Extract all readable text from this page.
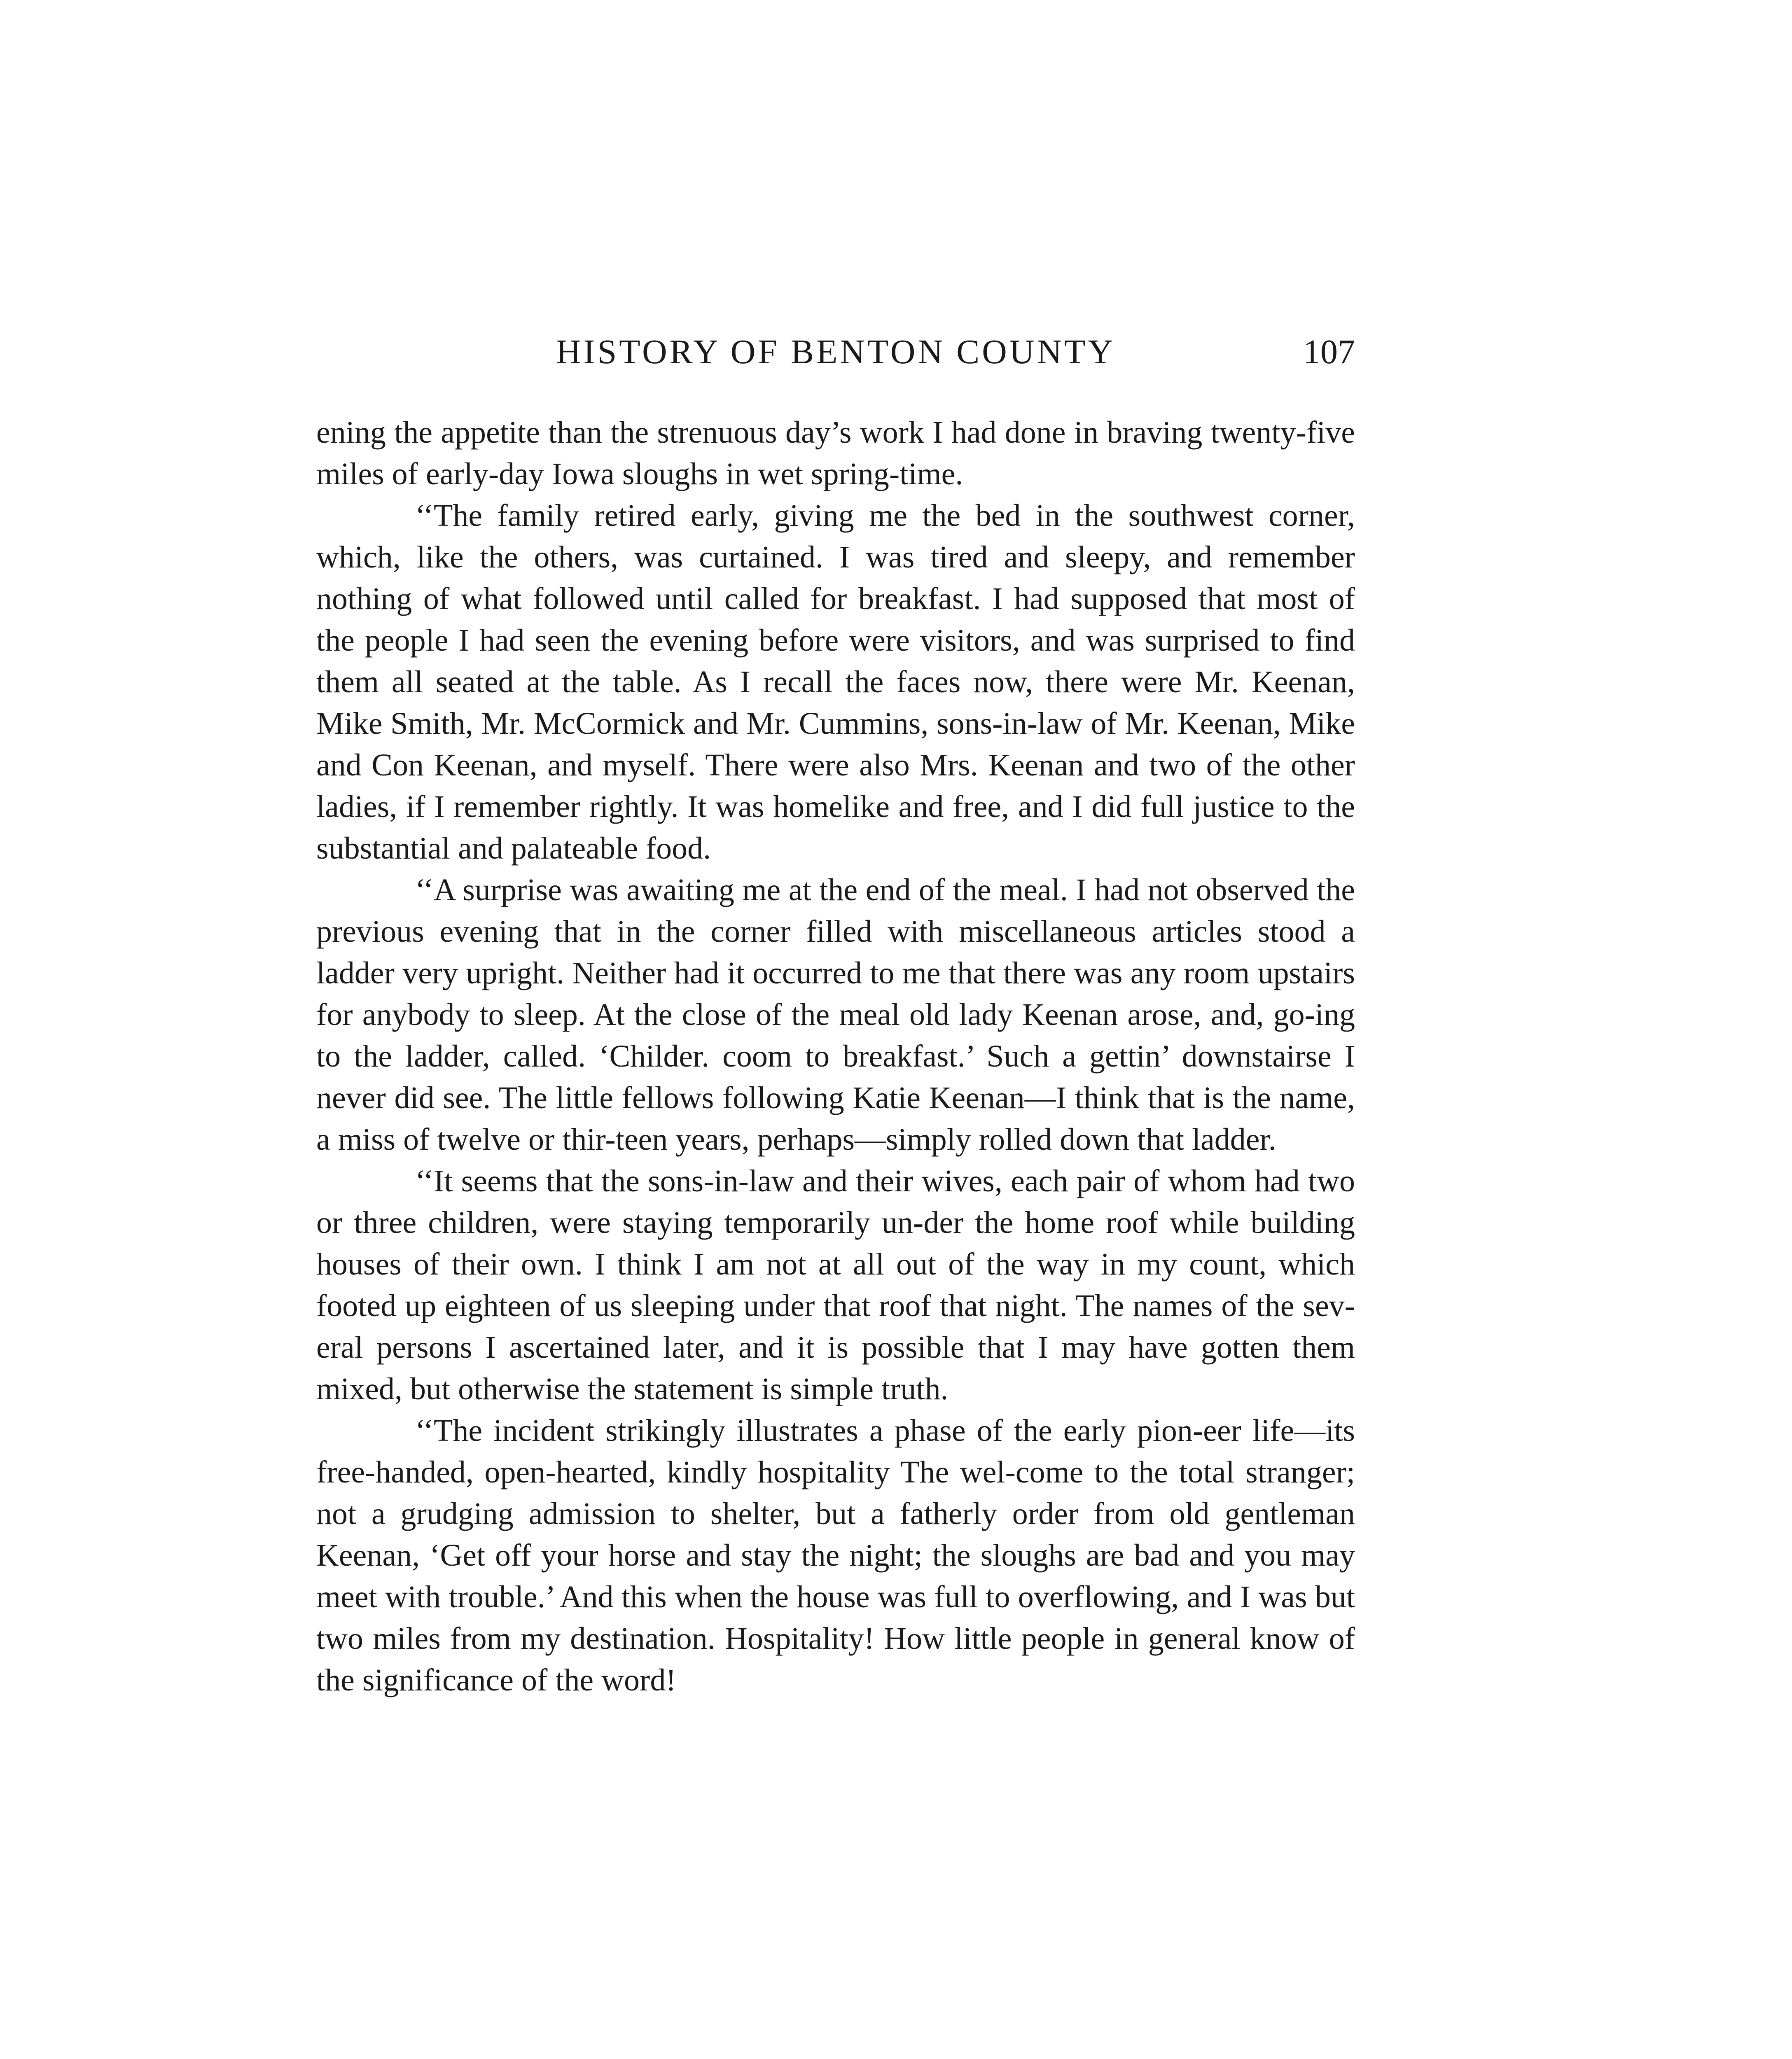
HISTORY OF BENTON COUNTY	107

ening the appetite than the strenuous day’s work I had done in braving twenty-five miles of early-day Iowa sloughs in wet spring-time.

‘‘The family retired early, giving me the bed in the southwest corner, which, like the others, was curtained. I was tired and sleepy, and remember nothing of what followed until called for breakfast. I had supposed that most of the people I had seen the evening before were visitors, and was surprised to find them all seated at the table. As I recall the faces now, there were Mr. Keenan, Mike Smith, Mr. McCormick and Mr. Cummins, sons-in-law of Mr. Keenan, Mike and Con Keenan, and myself. There were also Mrs. Keenan and two of the other ladies, if I remember rightly. It was homelike and free, and I did full justice to the substantial and palateable food.

‘‘A surprise was awaiting me at the end of the meal. I had not observed the previous evening that in the corner filled with miscellaneous articles stood a ladder very upright. Neither had it occurred to me that there was any room upstairs for anybody to sleep. At the close of the meal old lady Keenan arose, and, go-ing to the ladder, called. ‘Childer. coom to breakfast.’ Such a gettin’ downstairse I never did see. The little fellows following Katie Keenan—I think that is the name, a miss of twelve or thir-teen years, perhaps—simply rolled down that ladder.

‘‘It seems that the sons-in-law and their wives, each pair of whom had two or three children, were staying temporarily un-der the home roof while building houses of their own. I think I am not at all out of the way in my count, which footed up eighteen of us sleeping under that roof that night. The names of the sev-eral persons I ascertained later, and it is possible that I may have gotten them mixed, but otherwise the statement is simple truth.

‘‘The incident strikingly illustrates a phase of the early pion-eer life—its free-handed, open-hearted, kindly hospitality The wel-come to the total stranger; not a grudging admission to shelter, but a fatherly order from old gentleman Keenan, ‘Get off your horse and stay the night; the sloughs are bad and you may meet with trouble.’ And this when the house was full to overflowing, and I was but two miles from my destination. Hospitality! How little people in general know of the significance of the word!
